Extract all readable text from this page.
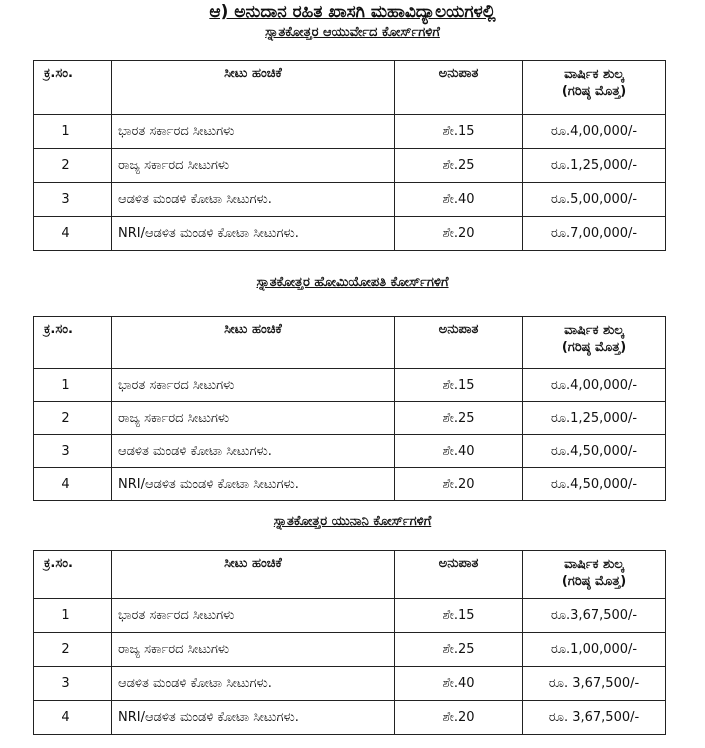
ಆ) ಅನುದಾನ ರಹಿತ ಖಾಸಗಿ ಮಹಾವಿದ್ಯಾಲಯಗಳಲ್ಲಿ
ಸ್ನಾತಕೋತ್ತರ ಆಯುರ್ವೇದ ಕೋರ್ಸ್‌ಗಳಿಗೆ
ಕ್ರ.ಸಂ.	ಸೀಟು ಹಂಚಿಕೆ	ಅನುಪಾತ	ವಾರ್ಷಿಕ ಶುಲ್ಕ
(ಗರಿಷ್ಠ ಮೊತ್ತ)

1	ಭಾರತ ಸರ್ಕಾರದ ಸೀಟುಗಳು	ಶೇ.15	ರೂ.4,00,000/-
2	ರಾಜ್ಯ ಸರ್ಕಾರದ ಸೀಟುಗಳು	ಶೇ.25	ರೂ.1,25,000/-
3	ಆಡಳಿತ ಮಂಡಳಿ ಕೋಟಾ ಸೀಟುಗಳು.	ಶೇ.40	ರೂ.5,00,000/-
4	NRI/ಆಡಳಿತ ಮಂಡಳಿ ಕೋಟಾ ಸೀಟುಗಳು.	ಶೇ.20	ರೂ.7,00,000/-
ಸ್ನಾತಕೋತ್ತರ ಹೋಮಿಯೋಪತಿ ಕೋರ್ಸ್‌ಗಳಿಗೆ
ಕ್ರ.ಸಂ.	ಸೀಟು ಹಂಚಿಕೆ	ಅನುಪಾತ	ವಾರ್ಷಿಕ ಶುಲ್ಕ
(ಗರಿಷ್ಠ ಮೊತ್ತ)

1	ಭಾರತ ಸರ್ಕಾರದ ಸೀಟುಗಳು	ಶೇ.15	ರೂ.4,00,000/-
2	ರಾಜ್ಯ ಸರ್ಕಾರದ ಸೀಟುಗಳು	ಶೇ.25	ರೂ.1,25,000/-
3	ಆಡಳಿತ ಮಂಡಳಿ ಕೋಟಾ ಸೀಟುಗಳು.	ಶೇ.40	ರೂ.4,50,000/-
4	NRI/ಆಡಳಿತ ಮಂಡಳಿ ಕೋಟಾ ಸೀಟುಗಳು.	ಶೇ.20	ರೂ.4,50,000/-
ಸ್ನಾತಕೋತ್ತರ ಯುನಾನಿ ಕೋರ್ಸ್‌ಗಳಿಗೆ
ಕ್ರ.ಸಂ.	ಸೀಟು ಹಂಚಿಕೆ	ಅನುಪಾತ	ವಾರ್ಷಿಕ ಶುಲ್ಕ
(ಗರಿಷ್ಠ ಮೊತ್ತ)

1	ಭಾರತ ಸರ್ಕಾರದ ಸೀಟುಗಳು	ಶೇ.15	ರೂ.3,67,500/-
2	ರಾಜ್ಯ ಸರ್ಕಾರದ ಸೀಟುಗಳು	ಶೇ.25	ರೂ.1,00,000/-
3	ಆಡಳಿತ ಮಂಡಳಿ ಕೋಟಾ ಸೀಟುಗಳು.	ಶೇ.40	ರೂ. 3,67,500/-
4	NRI/ಆಡಳಿತ ಮಂಡಳಿ ಕೋಟಾ ಸೀಟುಗಳು.	ಶೇ.20	ರೂ. 3,67,500/-
